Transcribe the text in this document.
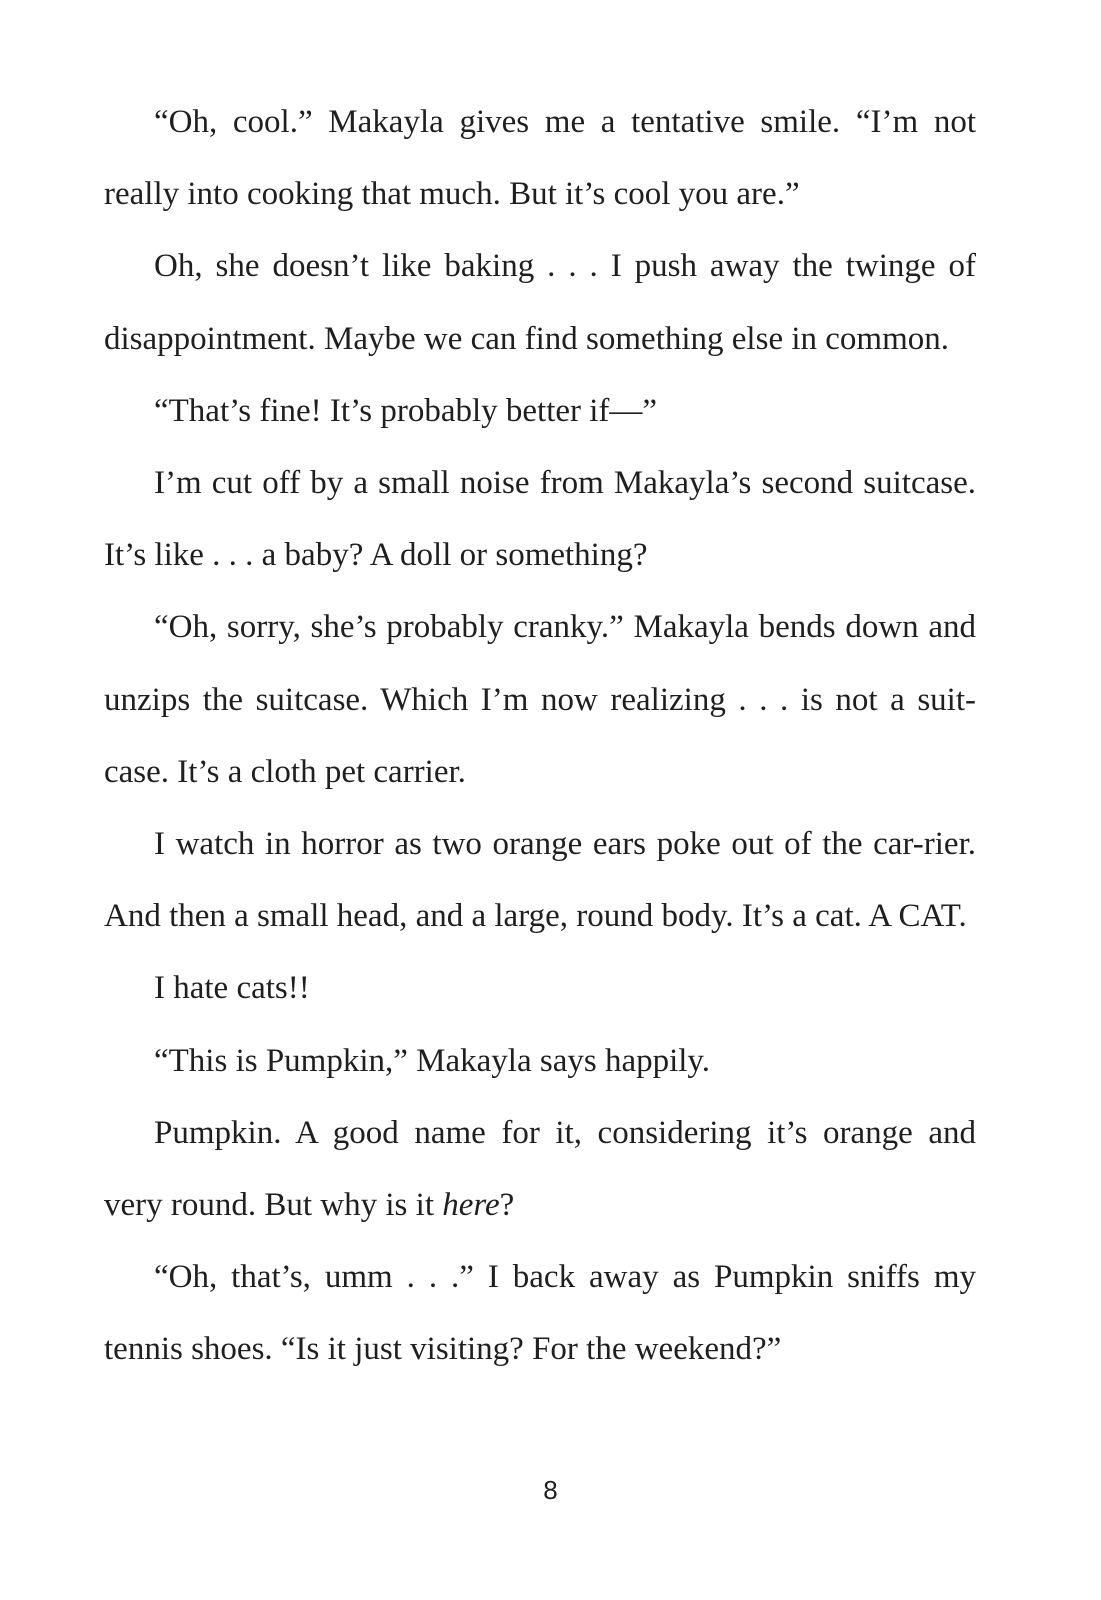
“Oh, cool.” Makayla gives me a tentative smile. “I’m not really into cooking that much. But it’s cool you are.”

Oh, she doesn’t like baking . . . I push away the twinge of disappointment. Maybe we can find something else in common.

“That’s fine! It’s probably better if—”

I’m cut off by a small noise from Makayla’s second suitcase. It’s like . . . a baby? A doll or something?

“Oh, sorry, she’s probably cranky.” Makayla bends down and unzips the suitcase. Which I’m now realizing . . . is not a suit-case. It’s a cloth pet carrier.

I watch in horror as two orange ears poke out of the car-rier. And then a small head, and a large, round body. It’s a cat. A CAT.

I hate cats!!

“This is Pumpkin,” Makayla says happily.

Pumpkin. A good name for it, considering it’s orange and very round. But why is it here?

“Oh, that’s, umm . . .” I back away as Pumpkin sniffs my tennis shoes. “Is it just visiting? For the weekend?”

8
